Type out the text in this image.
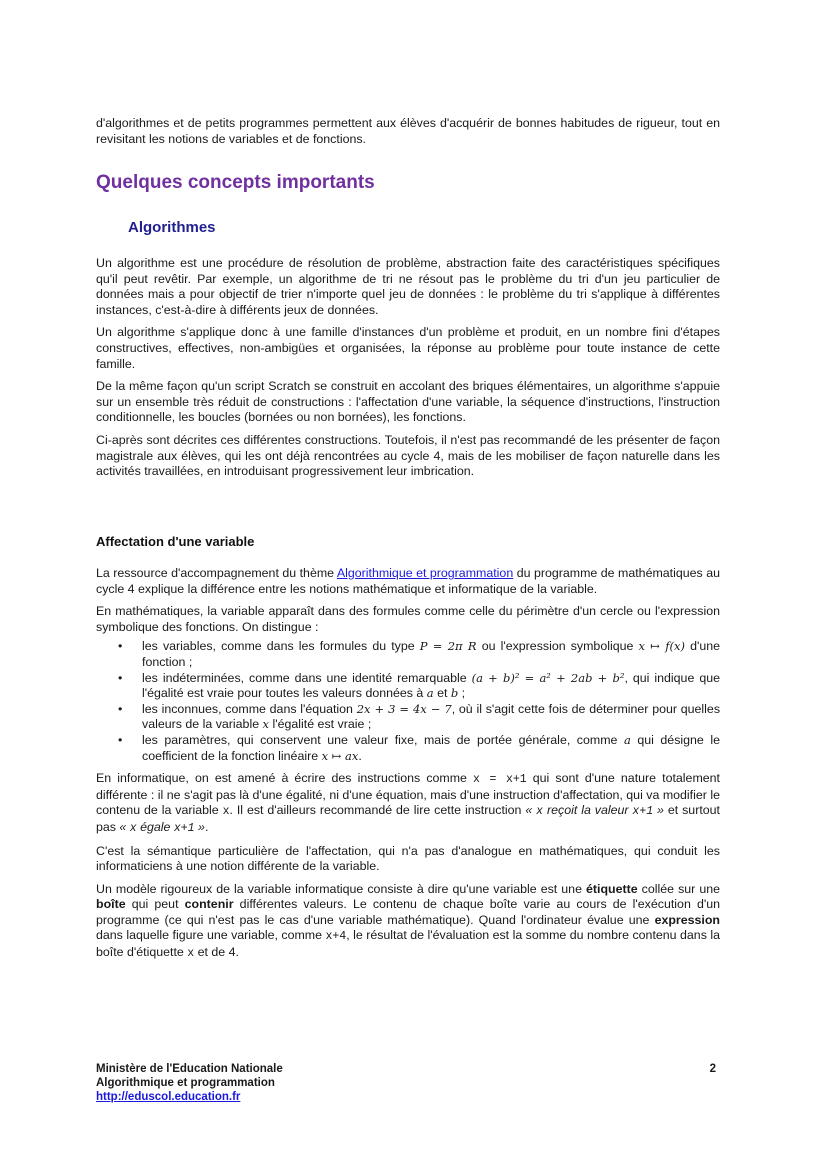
d'algorithmes et de petits programmes permettent aux élèves d'acquérir de bonnes habitudes de rigueur, tout en revisitant les notions de variables et de fonctions.

Quelques concepts importants
Algorithmes

Un algorithme est une procédure de résolution de problème, abstraction faite des caractéristiques spécifiques qu'il peut revêtir. Par exemple, un algorithme de tri ne résout pas le problème du tri d'un jeu particulier de données mais a pour objectif de trier n'importe quel jeu de données : le problème du tri s'applique à différentes instances, c'est-à-dire à différents jeux de données.

Un algorithme s'applique donc à une famille d'instances d'un problème et produit, en un nombre fini d'étapes constructives, effectives, non-ambigües et organisées, la réponse au problème pour toute instance de cette famille.

De la même façon qu'un script Scratch se construit en accolant des briques élémentaires, un algorithme s'appuie sur un ensemble très réduit de constructions : l'affectation d'une variable, la séquence d'instructions, l'instruction conditionnelle, les boucles (bornées ou non bornées), les fonctions.

Ci-après sont décrites ces différentes constructions. Toutefois, il n'est pas recommandé de les présenter de façon magistrale aux élèves, qui les ont déjà rencontrées au cycle 4, mais de les mobiliser de façon naturelle dans les activités travaillées, en introduisant progressivement leur imbrication.

Affectation d'une variable

La ressource d'accompagnement du thème Algorithmique et programmation du programme de mathématiques au cycle 4 explique la différence entre les notions mathématique et informatique de la variable.

En mathématiques, la variable apparaît dans des formules comme celle du périmètre d'un cercle ou l'expression symbolique des fonctions. On distingue :

• les variables, comme dans les formules du type P = 2π R ou l'expression symbolique x ↦ f(x) d'une fonction ;
• les indéterminées, comme dans une identité remarquable (a + b)² = a² + 2ab + b², qui indique que l'égalité est vraie pour toutes les valeurs données à a et b ;
• les inconnues, comme dans l'équation 2x + 3 = 4x − 7, où il s'agit cette fois de déterminer pour quelles valeurs de la variable x l'égalité est vraie ;
• les paramètres, qui conservent une valeur fixe, mais de portée générale, comme a qui désigne le coefficient de la fonction linéaire x ↦ ax.

En informatique, on est amené à écrire des instructions comme x = x+1 qui sont d'une nature totalement différente : il ne s'agit pas là d'une égalité, ni d'une équation, mais d'une instruction d'affectation, qui va modifier le contenu de la variable x. Il est d'ailleurs recommandé de lire cette instruction « x reçoit la valeur x+1 » et surtout pas « x égale x+1 ».

C'est la sémantique particulière de l'affectation, qui n'a pas d'analogue en mathématiques, qui conduit les informaticiens à une notion différente de la variable.

Un modèle rigoureux de la variable informatique consiste à dire qu'une variable est une étiquette collée sur une boîte qui peut contenir différentes valeurs. Le contenu de chaque boîte varie au cours de l'exécution d'un programme (ce qui n'est pas le cas d'une variable mathématique). Quand l'ordinateur évalue une expression dans laquelle figure une variable, comme x+4, le résultat de l'évaluation est la somme du nombre contenu dans la boîte d'étiquette x et de 4.

Ministère de l'Education Nationale
Algorithmique et programmation
http://eduscol.education.fr
2
